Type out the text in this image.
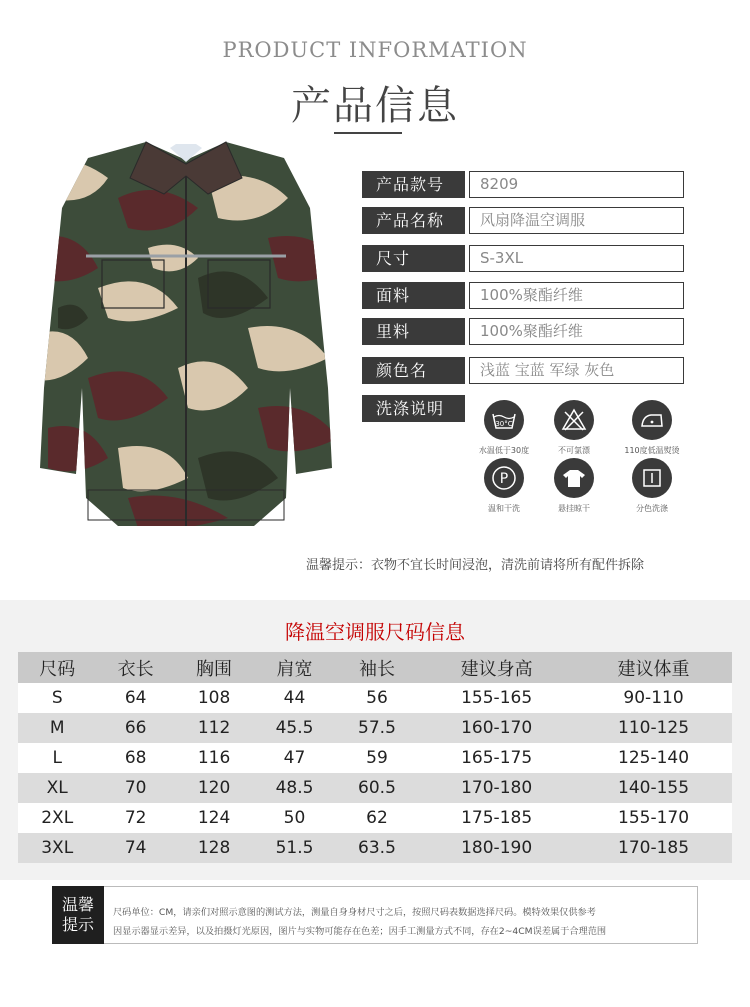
PRODUCT INFORMATION
产品信息
产品款号	8209
产品名称	风扇降温空调服
尺寸	S-3XL
面料	100%聚酯纤维
里料	100%聚酯纤维
颜色名	浅蓝 宝蓝 军绿 灰色
洗涤说明
30°C
水温低于30度	不可氯漂	110度低温熨烫
P
温和干洗	悬挂晾干	分色洗涤
温馨提示：衣物不宜长时间浸泡，清洗前请将所有配件拆除
降温空调服尺码信息
尺码	衣长	胸围	肩宽	袖长	建议身高	建议体重
S	64	108	44	56	155-165	90-110
M	66	112	45.5	57.5	160-170	110-125
L	68	116	47	59	165-175	125-140
XL	70	120	48.5	60.5	170-180	140-155
2XL	72	124	50	62	175-185	155-170
3XL	74	128	51.5	63.5	180-190	170-185
温馨
提示
尺码单位：CM，请亲们对照示意图的测试方法，测量自身身材尺寸之后，按照尺码表数据选择尺码。模特效果仅供参考
因显示器显示差异，以及拍摄灯光原因，图片与实物可能存在色差；因手工测量方式不同，存在2~4CM误差属于合理范围
